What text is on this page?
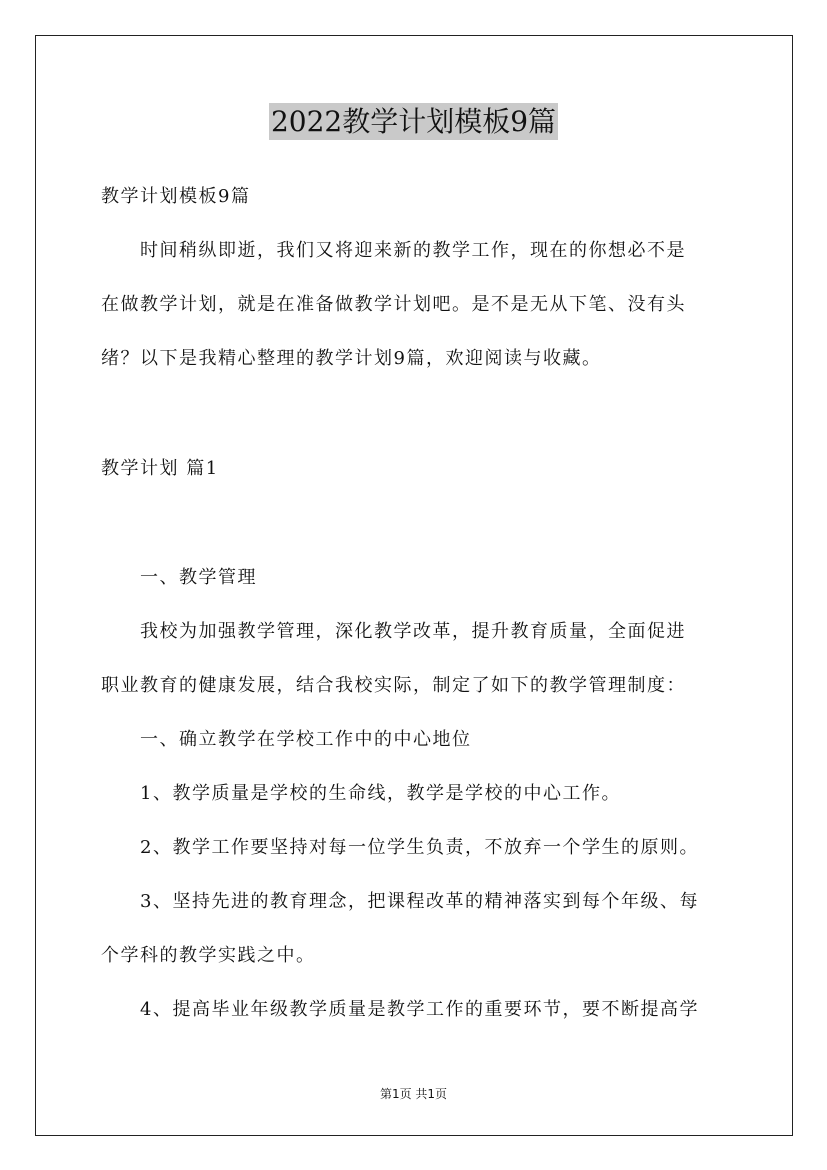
2022教学计划模板9篇
教学计划模板9篇
时间稍纵即逝，我们又将迎来新的教学工作，现在的你想必不是
在做教学计划，就是在准备做教学计划吧。是不是无从下笔、没有头
绪？以下是我精心整理的教学计划9篇，欢迎阅读与收藏。
教学计划 篇1
一、教学管理
我校为加强教学管理，深化教学改革，提升教育质量，全面促进
职业教育的健康发展，结合我校实际，制定了如下的教学管理制度：
一、确立教学在学校工作中的中心地位
1、教学质量是学校的生命线，教学是学校的中心工作。
2、教学工作要坚持对每一位学生负责，不放弃一个学生的原则。
3、坚持先进的教育理念，把课程改革的精神落实到每个年级、每
个学科的教学实践之中。
4、提高毕业年级教学质量是教学工作的重要环节，要不断提高学
第1页 共1页
